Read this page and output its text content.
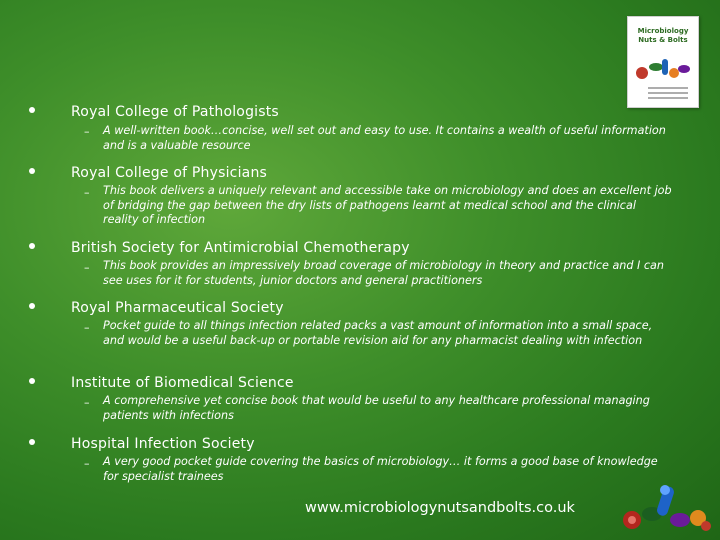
Microbiology
Nuts & Bolts
Royal College of Pathologists
– A well-written book…concise, well set out and easy to use. It contains a wealth of useful information and is a valuable resource
Royal College of Physicians
– This book delivers a uniquely relevant and accessible take on microbiology and does an excellent job of bridging the gap between the dry lists of pathogens learnt at medical school and the clinical reality of infection
British Society for Antimicrobial Chemotherapy
– This book provides an impressively broad coverage of microbiology in theory and practice and I can see uses for it for students, junior doctors and general practitioners
Royal Pharmaceutical Society
– Pocket guide to all things infection related packs a vast amount of information into a small space, and would be a useful back-up or portable revision aid for any pharmacist dealing with infection
Institute of Biomedical Science
– A comprehensive yet concise book that would be useful to any healthcare professional managing patients with infections
Hospital Infection Society
– A very good pocket guide covering the basics of microbiology… it forms a good base of knowledge for specialist trainees
www.microbiologynutsandbolts.co.uk
